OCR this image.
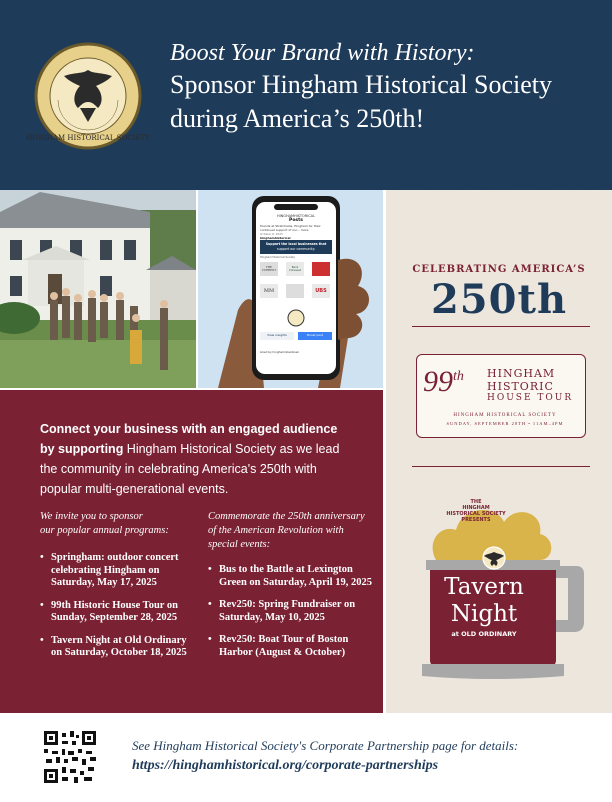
HINGHAM HISTORICAL SOCIETY
Boost Your Brand with History:
Sponsor Hingham Historical Society
during America’s 250th!
HINGHAMHISTORICAL
Posts
friends at Stretchside, Hingham for their continued support of our... more
October 8, 2025
hinghamhistorical
Support the local businesses that
support our community.
Hingham Historical Society
THE CURRENT
Bank Cohasset
MM	UBS
View insights	Boost post
Liked by hinghamdowntown
CELEBRATING AMERICA’S
250th
99th HINGHAM
HISTORIC
HOUSE TOUR
HINGHAM HISTORICAL SOCIETY
SUNDAY, SEPTEMBER 28TH • 11AM–4PM
THE
HINGHAM
HISTORICAL SOCIETY
PRESENTS
Tavern
Night
at OLD ORDINARY
Connect your business with an engaged audience
by supporting Hingham Historical Society as we lead
the community in celebrating America's 250th with
popular multi-generational events.
We invite you to sponsor
our popular annual programs:
• Springham: outdoor concert celebrating Hingham on Saturday, May 17, 2025
• 99th Historic House Tour on Sunday, September 28, 2025
• Tavern Night at Old Ordinary on Saturday, October 18, 2025
Commemorate the 250th anniversary
of the American Revolution with
special events:
• Bus to the Battle at Lexington Green on Saturday, April 19, 2025
• Rev250: Spring Fundraiser on Saturday, May 10, 2025
• Rev250: Boat Tour of Boston Harbor (August & October)
See Hingham Historical Society's Corporate Partnership page for details:
https://hinghamhistorical.org/corporate-partnerships
